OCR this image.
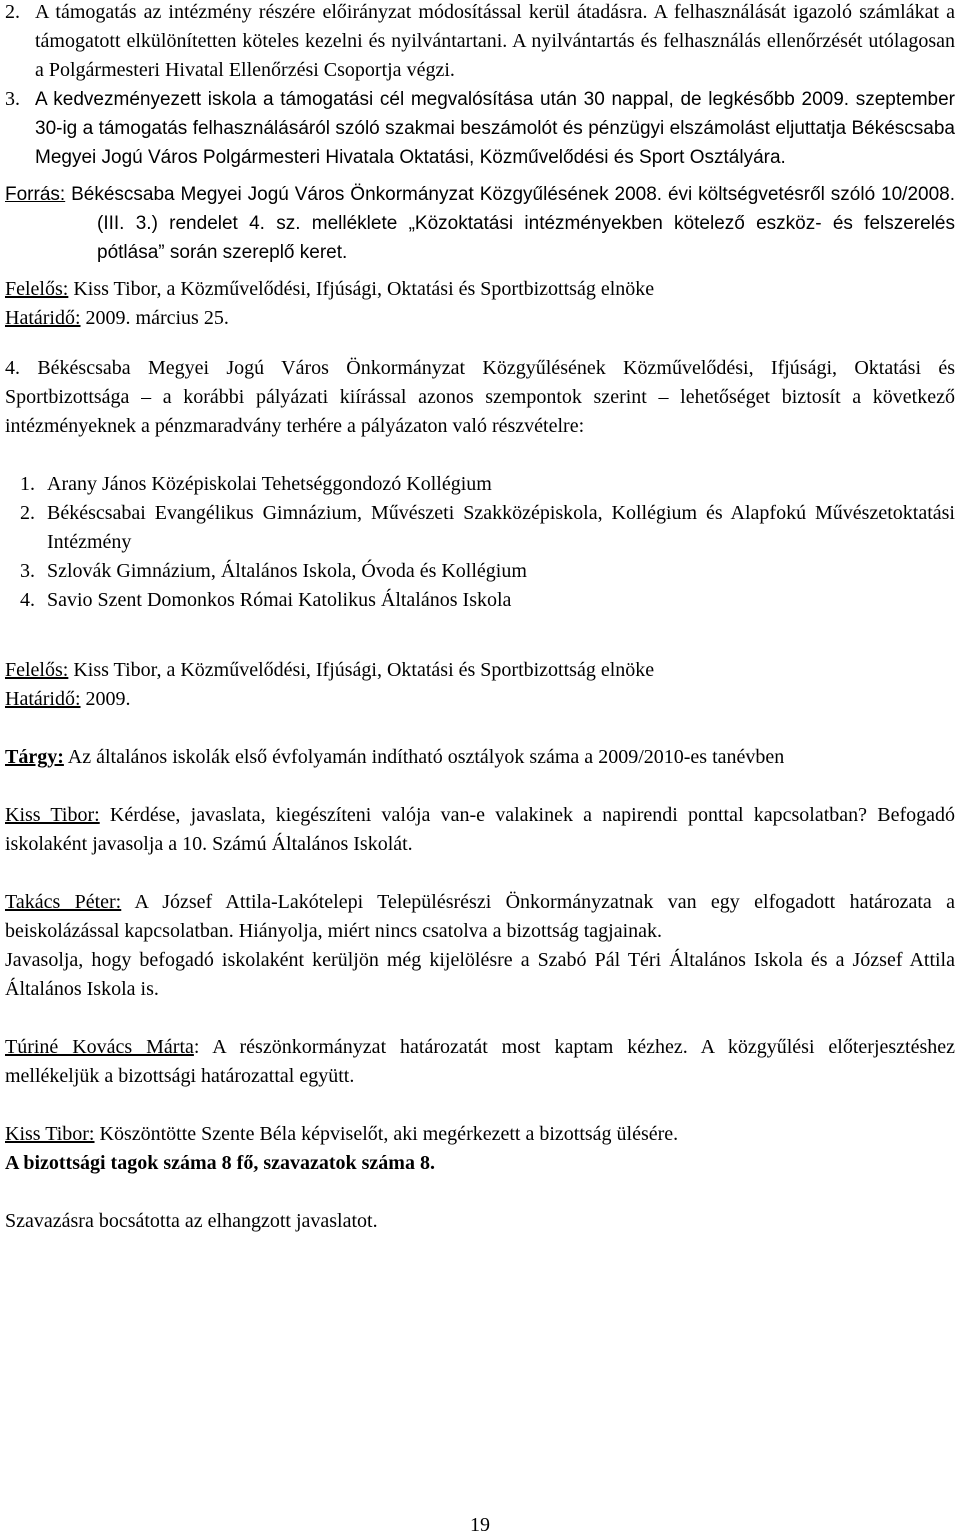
2. A támogatás az intézmény részére előirányzat módosítással kerül átadásra. A felhasználását igazoló számlákat a támogatott elkülönítetten köteles kezelni és nyilvántartani. A nyilvántartás és felhasználás ellenőrzését utólagosan a Polgármesteri Hivatal Ellenőrzési Csoportja végzi.

3. A kedvezményezett iskola a támogatási cél megvalósítása után 30 nappal, de legkésőbb 2009. szeptember 30-ig a támogatás felhasználásáról szóló szakmai beszámolót és pénzügyi elszámolást eljuttatja Békéscsaba Megyei Jogú Város Polgármesteri Hivatala Oktatási, Közművelődési és Sport Osztályára.

Forrás: Békéscsaba Megyei Jogú Város Önkormányzat Közgyűlésének 2008. évi költségvetésről szóló 10/2008. (III. 3.) rendelet 4. sz. melléklete „Közoktatási intézményekben kötelező eszköz- és felszerelés pótlása” során szereplő keret.

Felelős: Kiss Tibor, a Közművelődési, Ifjúsági, Oktatási és Sportbizottság elnöke

Határidő: 2009. március 25.

4. Békéscsaba Megyei Jogú Város Önkormányzat Közgyűlésének Közművelődési, Ifjúsági, Oktatási és Sportbizottsága – a korábbi pályázati kiírással azonos szempontok szerint – lehetőséget biztosít a következő intézményeknek a pénzmaradvány terhére a pályázaton való részvételre:

1. Arany János Középiskolai Tehetséggondozó Kollégium
2. Békéscsabai Evangélikus Gimnázium, Művészeti Szakközépiskola, Kollégium és Alapfokú Művészetoktatási Intézmény
3. Szlovák Gimnázium, Általános Iskola, Óvoda és Kollégium
4. Savio Szent Domonkos Római Katolikus Általános Iskola

Felelős: Kiss Tibor, a Közművelődési, Ifjúsági, Oktatási és Sportbizottság elnöke

Határidő: 2009.

Tárgy: Az általános iskolák első évfolyamán indítható osztályok száma a 2009/2010-es tanévben

Kiss Tibor: Kérdése, javaslata, kiegészíteni valója van-e valakinek a napirendi ponttal kapcsolatban? Befogadó iskolaként javasolja a 10. Számú Általános Iskolát.

Takács Péter: A József Attila-Lakótelepi Településrészi Önkormányzatnak van egy elfogadott határozata a beiskolázással kapcsolatban. Hiányolja, miért nincs csatolva a bizottság tagjainak.

Javasolja, hogy befogadó iskolaként kerüljön még kijelölésre a Szabó Pál Téri Általános Iskola és a József Attila Általános Iskola is.

Túriné Kovács Márta: A részönkormányzat határozatát most kaptam kézhez. A közgyűlési előterjesztéshez mellékeljük a bizottsági határozattal együtt.

Kiss Tibor: Köszöntötte Szente Béla képviselőt, aki megérkezett a bizottság ülésére.

A bizottsági tagok száma 8 fő, szavazatok száma 8.

Szavazásra bocsátotta az elhangzott javaslatot.

19
